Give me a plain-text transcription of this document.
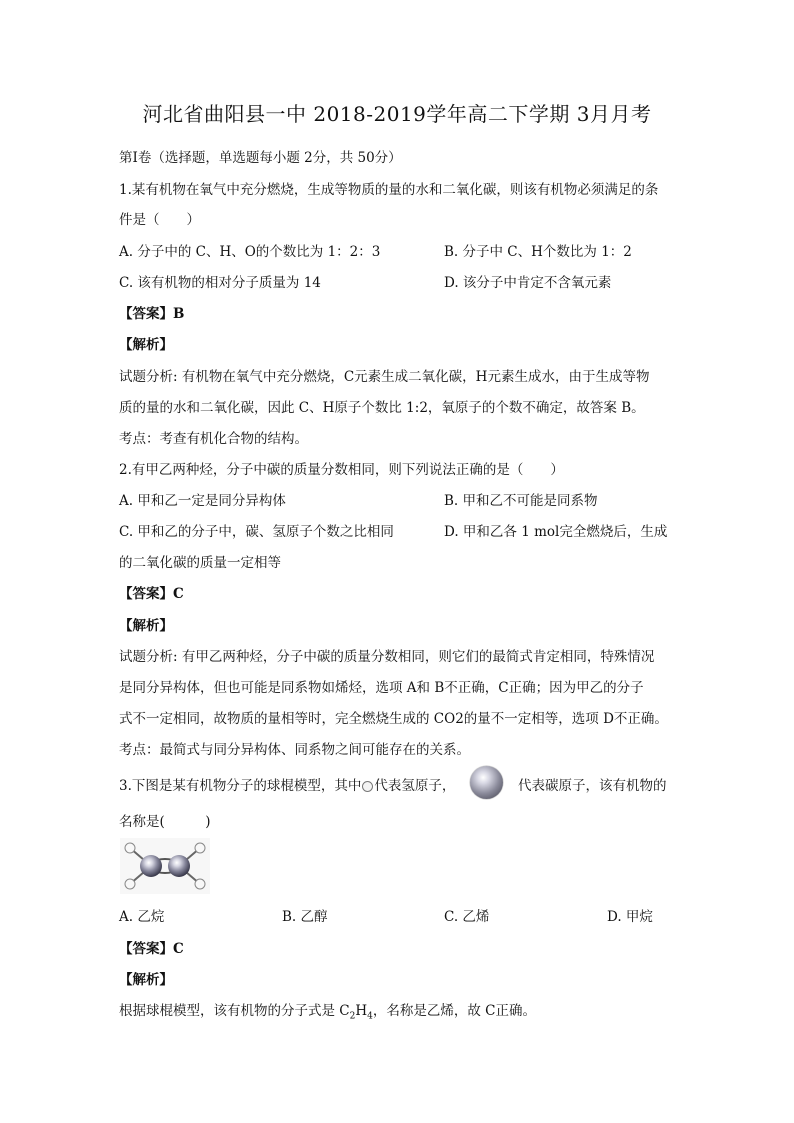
河北省曲阳县一中 2018-2019学年高二下学期 3月月考
第I卷（选择题，单选题每小题 2分，共 50分）
1.某有机物在氧气中充分燃烧，生成等物质的量的水和二氧化碳，则该有机物必须满足的条
件是（　　）
A. 分子中的 C、H、O的个数比为 1：2：3	B. 分子中 C、H个数比为 1：2
C. 该有机物的相对分子质量为 14	D. 该分子中肯定不含氧元素
【答案】B
【解析】
试题分析: 有机物在氧气中充分燃烧，C元素生成二氧化碳，H元素生成水，由于生成等物
质的量的水和二氧化碳，因此 C、H原子个数比 1:2，氧原子的个数不确定，故答案 B。
考点：考查有机化合物的结构。
2.有甲乙两种烃，分子中碳的质量分数相同，则下列说法正确的是（　　）
A. 甲和乙一定是同分异构体	B. 甲和乙不可能是同系物
C. 甲和乙的分子中，碳、氢原子个数之比相同	D. 甲和乙各 1 mol完全燃烧后，生成
的二氧化碳的质量一定相等
【答案】C
【解析】
试题分析: 有甲乙两种烃，分子中碳的质量分数相同，则它们的最简式肯定相同，特殊情况
是同分异构体，但也可能是同系物如烯烃，选项 A和 B不正确，C正确；因为甲乙的分子
式不一定相同，故物质的量相等时，完全燃烧生成的 CO2的量不一定相等，选项 D不正确。
考点：最简式与同分异构体、同系物之间可能存在的关系。
3.下图是某有机物分子的球棍模型，其中 代表氢原子，	代表碳原子，该有机物的
名称是(　　　)
A. 乙烷	B. 乙醇	C. 乙烯	D. 甲烷
【答案】C
【解析】
根据球棍模型，该有机物的分子式是 $C_2H_4$，名称是乙烯，故 C正确。
